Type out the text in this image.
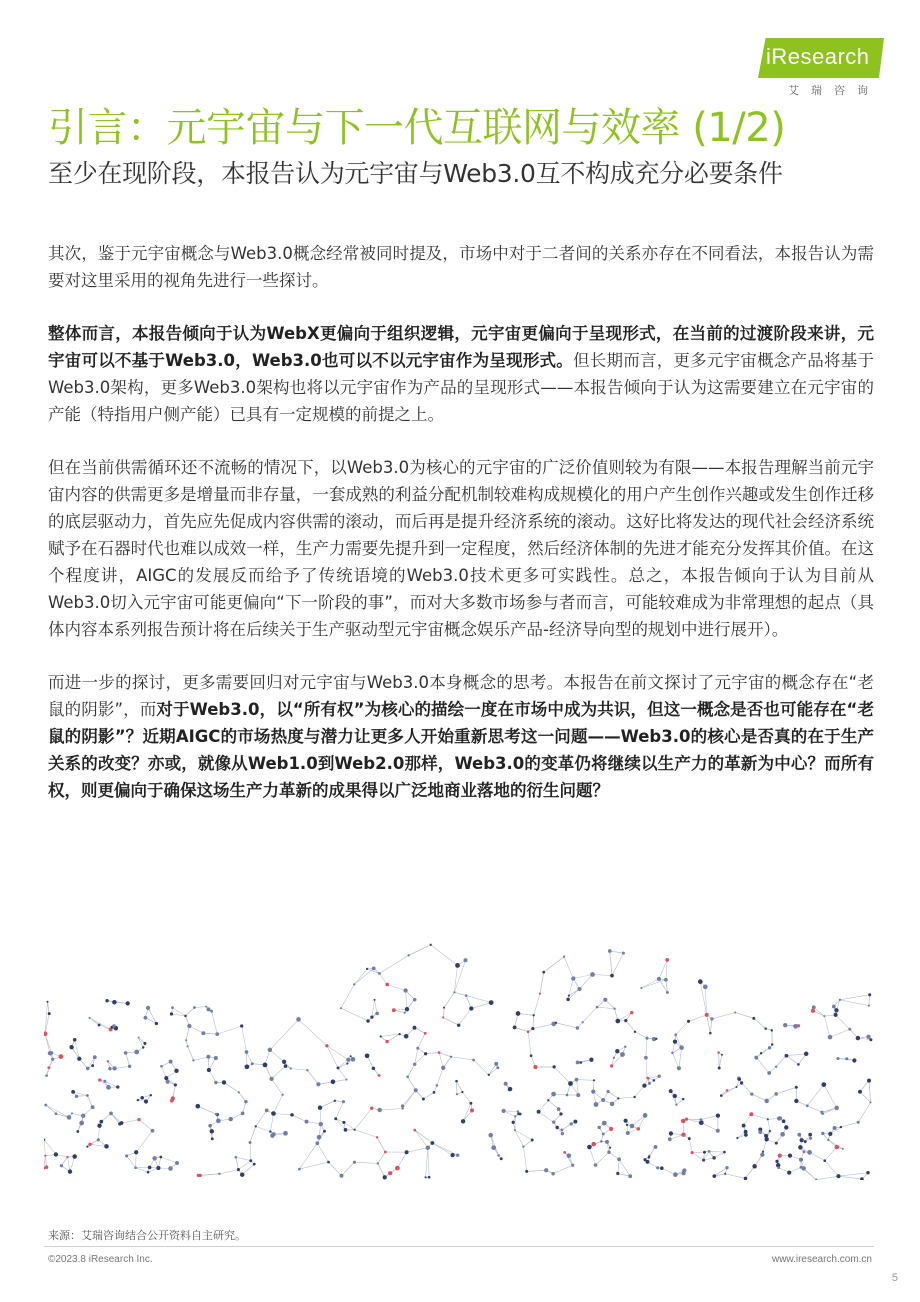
iResearch
艾瑞咨询
引言：元宇宙与下一代互联网与效率 (1/2)
至少在现阶段，本报告认为元宇宙与Web3.0互不构成充分必要条件

其次，鉴于元宇宙概念与Web3.0概念经常被同时提及，市场中对于二者间的关系亦存在不同看法，本报告认为需要对这里采用的视角先进行一些探讨。

整体而言，本报告倾向于认为WebX更偏向于组织逻辑，元宇宙更偏向于呈现形式，在当前的过渡阶段来讲，元宇宙可以不基于Web3.0，Web3.0也可以不以元宇宙作为呈现形式。但长期而言，更多元宇宙概念产品将基于Web3.0架构，更多Web3.0架构也将以元宇宙作为产品的呈现形式——本报告倾向于认为这需要建立在元宇宙的产能（特指用户侧产能）已具有一定规模的前提之上。

但在当前供需循环还不流畅的情况下，以Web3.0为核心的元宇宙的广泛价值则较为有限——本报告理解当前元宇宙内容的供需更多是增量而非存量，一套成熟的利益分配机制较难构成规模化的用户产生创作兴趣或发生创作迁移的底层驱动力，首先应先促成内容供需的滚动，而后再是提升经济系统的滚动。这好比将发达的现代社会经济系统赋予在石器时代也难以成效一样，生产力需要先提升到一定程度，然后经济体制的先进才能充分发挥其价值。在这个程度讲，AIGC的发展反而给予了传统语境的Web3.0技术更多可实践性。总之，本报告倾向于认为目前从Web3.0切入元宇宙可能更偏向“下一阶段的事”，而对大多数市场参与者而言，可能较难成为非常理想的起点（具体内容本系列报告预计将在后续关于生产驱动型元宇宙概念娱乐产品-经济导向型的规划中进行展开）。

而进一步的探讨，更多需要回归对元宇宙与Web3.0本身概念的思考。本报告在前文探讨了元宇宙的概念存在“老鼠的阴影”，而对于Web3.0，以“所有权”为核心的描绘一度在市场中成为共识，但这一概念是否也可能存在“老鼠的阴影”？近期AIGC的市场热度与潜力让更多人开始重新思考这一问题——Web3.0的核心是否真的在于生产关系的改变？亦或，就像从Web1.0到Web2.0那样，Web3.0的变革仍将继续以生产力的革新为中心？而所有权，则更偏向于确保这场生产力革新的成果得以广泛地商业落地的衍生问题？

来源：艾瑞咨询结合公开资料自主研究。
©2023.8 iResearch Inc.	www.iresearch.com.cn
5
